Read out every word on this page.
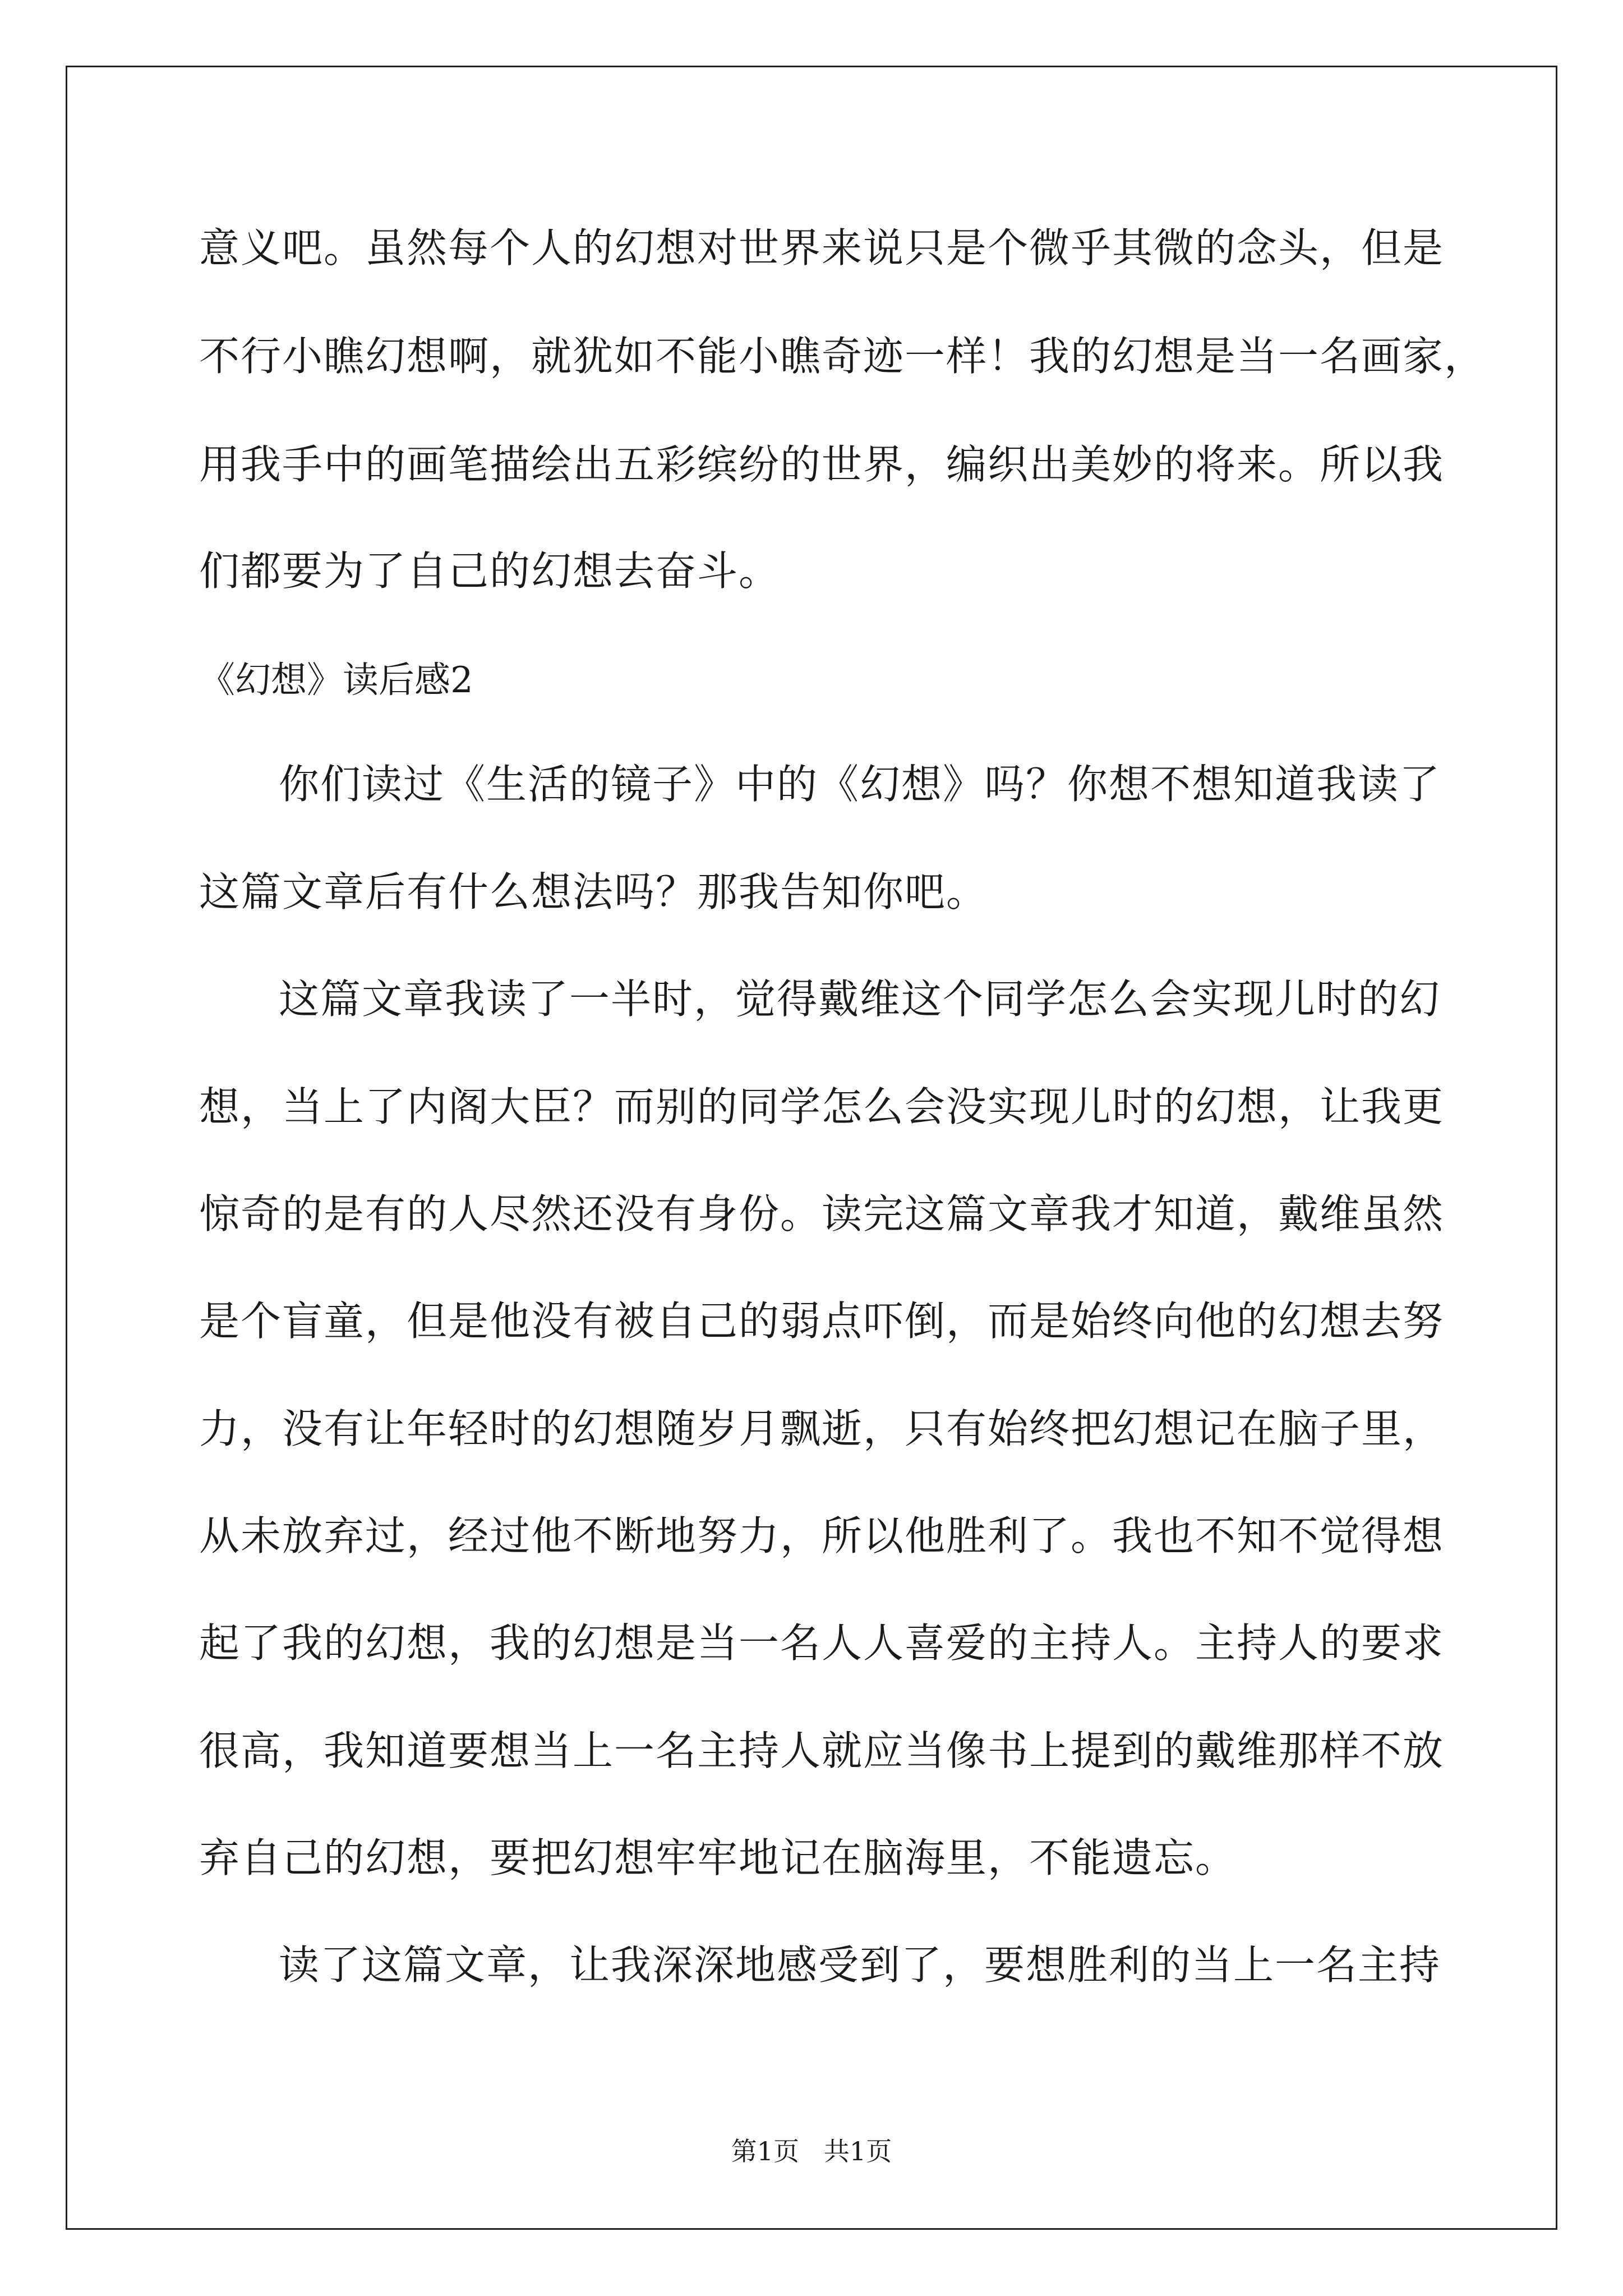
意义吧。虽然每个人的幻想对世界来说只是个微乎其微的念头，但是
不行小瞧幻想啊，就犹如不能小瞧奇迹一样！我的幻想是当一名画家，
用我手中的画笔描绘出五彩缤纷的世界，编织出美妙的将来。所以我
们都要为了自己的幻想去奋斗。
《幻想》读后感2
你们读过《生活的镜子》中的《幻想》吗？你想不想知道我读了
这篇文章后有什么想法吗？那我告知你吧。
这篇文章我读了一半时，觉得戴维这个同学怎么会实现儿时的幻
想，当上了内阁大臣？而别的同学怎么会没实现儿时的幻想，让我更
惊奇的是有的人尽然还没有身份。读完这篇文章我才知道，戴维虽然
是个盲童，但是他没有被自己的弱点吓倒，而是始终向他的幻想去努
力，没有让年轻时的幻想随岁月飘逝，只有始终把幻想记在脑子里，
从未放弃过，经过他不断地努力，所以他胜利了。我也不知不觉得想
起了我的幻想，我的幻想是当一名人人喜爱的主持人。主持人的要求
很高，我知道要想当上一名主持人就应当像书上提到的戴维那样不放
弃自己的幻想，要把幻想牢牢地记在脑海里，不能遗忘。
读了这篇文章，让我深深地感受到了，要想胜利的当上一名主持
第1页   共1页
